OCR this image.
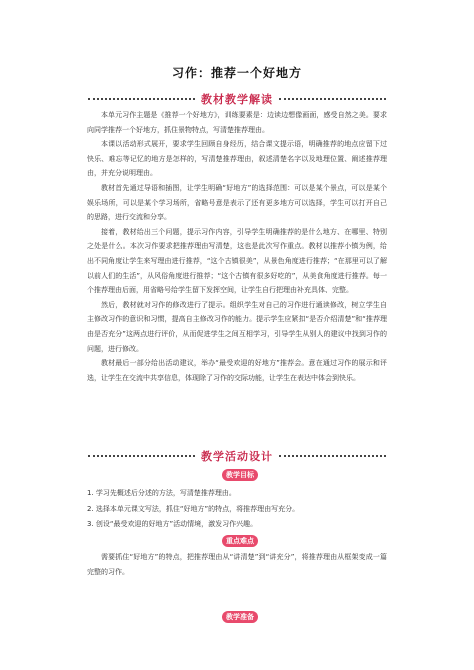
习作：推荐一个好地方
教材教学解读

本单元习作主题是《推荐一个好地方》，训练要素是：边读边想像画面，感受自然之美。要求向同学推荐一个好地方，抓住景物特点，写清楚推荐理由。

本课以活动形式展开，要求学生回顾自身经历，结合课文提示语，明确推荐的地点应留下过快乐、难忘等记忆的地方是怎样的，写清楚推荐理由，叙述清楚名字以及地理位置、阐述推荐理由，并充分说明理由。

教材首先通过导语和插图，让学生明确“好地方”的选择范围：可以是某个景点，可以是某个娱乐场所，可以是某个学习场所，省略号意是表示了还有更多地方可以选择，学生可以打开自己的思路，进行交流和分享。

接着，教材给出三个问题，提示习作内容，引导学生明确推荐的是什么地方、在哪里、特别之处是什么。本次习作要求把推荐理由写清楚，这也是此次写作重点。教材以推荐小镇为例，给出不同角度让学生来写理由进行推荐，“这个古镇很美”，从景色角度进行推荐；“在那里可以了解以前人们的生活”，从风俗角度进行推荐；“这个古镇有很多好吃的”，从美食角度进行推荐。每一个推荐理由后面，用省略号给学生留下发挥空间，让学生自行把理由补充具体、完整。

然后，教材就对习作的修改进行了提示。组织学生对自己的习作进行通读修改，树立学生自主修改习作的意识和习惯，提高自主修改习作的能力。提示学生应紧扣“是否介绍清楚”和“推荐理由是否充分”这两点进行评价，从而促进学生之间互相学习，引导学生从别人的建议中找到习作的问题，进行修改。

教材最后一部分给出活动建议，举办“最受欢迎的好地方”推荐会。意在通过习作的展示和评选，让学生在交流中共享信息，体现除了习作的交际功能，让学生在表达中体会到快乐。

教学活动设计
教学目标
1. 学习先概述后分述的方法，写清楚推荐理由。
2. 选择本单元课文写法，抓住“好地方”的特点，将推荐理由写充分。
3. 创设“最受欢迎的好地方”活动情境，激发习作兴趣。
重点难点

需要抓住“好地方”的特点，把推荐理由从“讲清楚”到“讲充分”，将推荐理由从框架变成一篇完整的习作。

教学准备
